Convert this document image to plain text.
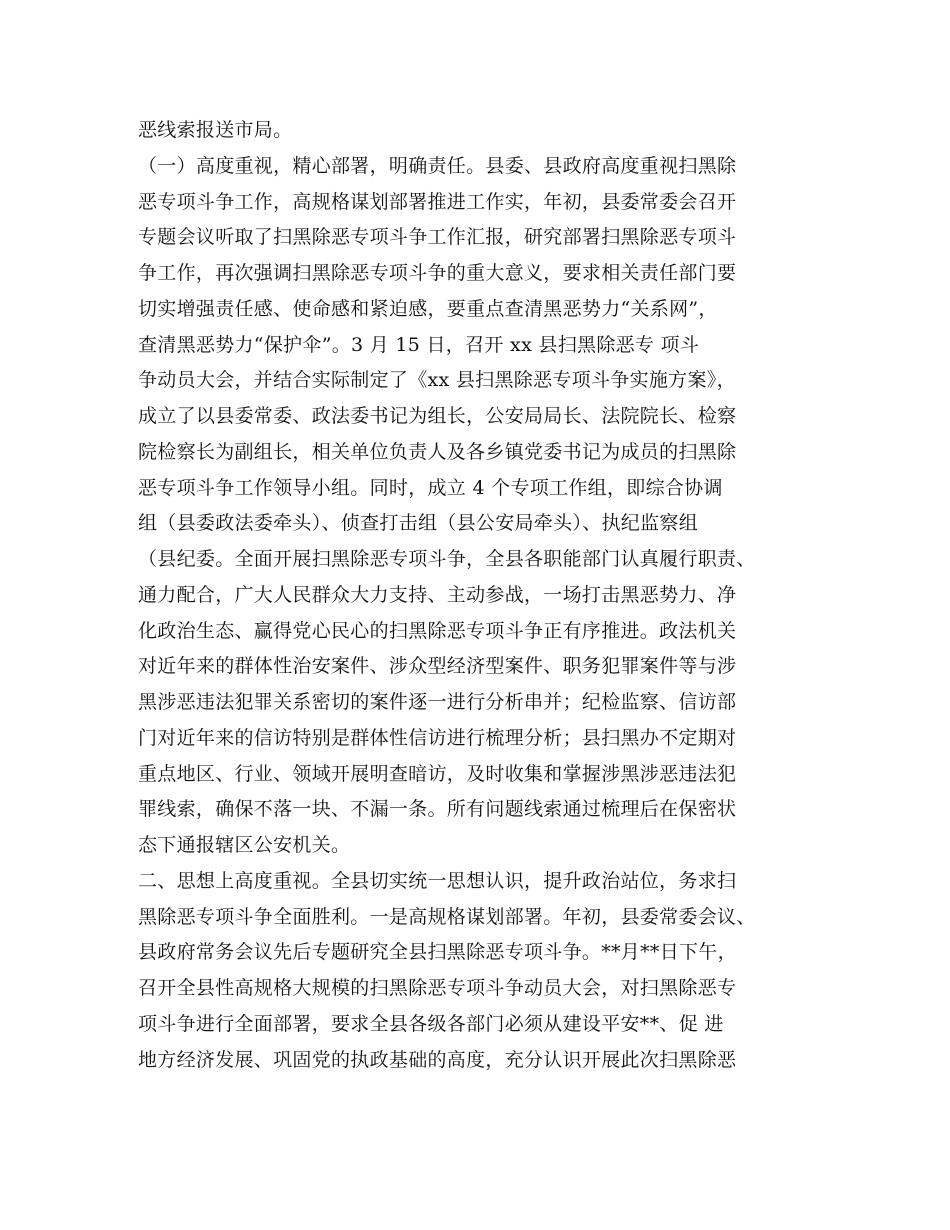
恶线索报送市局。
（一）高度重视，精心部署，明确责任。县委、县政府高度重视扫黑除
恶专项斗争工作，高规格谋划部署推进工作实，年初，县委常委会召开
专题会议听取了扫黑除恶专项斗争工作汇报，研究部署扫黑除恶专项斗
争工作，再次强调扫黑除恶专项斗争的重大意义，要求相关责任部门要
切实增强责任感、使命感和紧迫感，要重点查清黑恶势力“关系网”，
查清黑恶势力“保护伞”。3 月 15 日，召开 xx 县扫黑除恶专 项斗
争动员大会，并结合实际制定了《xx 县扫黑除恶专项斗争实施方案》，
成立了以县委常委、政法委书记为组长，公安局局长、法院院长、检察
院检察长为副组长，相关单位负责人及各乡镇党委书记为成员的扫黑除
恶专项斗争工作领导小组。同时，成立 4 个专项工作组，即综合协调
组（县委政法委牵头）、侦查打击组（县公安局牵头）、执纪监察组
（县纪委。全面开展扫黑除恶专项斗争，全县各职能部门认真履行职责、
通力配合，广大人民群众大力支持、主动参战，一场打击黑恶势力、净
化政治生态、赢得党心民心的扫黑除恶专项斗争正有序推进。政法机关
对近年来的群体性治安案件、涉众型经济型案件、职务犯罪案件等与涉
黑涉恶违法犯罪关系密切的案件逐一进行分析串并；纪检监察、信访部
门对近年来的信访特别是群体性信访进行梳理分析；县扫黑办不定期对
重点地区、行业、领域开展明查暗访，及时收集和掌握涉黑涉恶违法犯
罪线索，确保不落一块、不漏一条。所有问题线索通过梳理后在保密状
态下通报辖区公安机关。
二、思想上高度重视。全县切实统一思想认识，提升政治站位，务求扫
黑除恶专项斗争全面胜利。一是高规格谋划部署。年初，县委常委会议、
县政府常务会议先后专题研究全县扫黑除恶专项斗争。**月**日下午，
召开全县性高规格大规模的扫黑除恶专项斗争动员大会，对扫黑除恶专
项斗争进行全面部署，要求全县各级各部门必须从建设平安**、促 进
地方经济发展、巩固党的执政基础的高度，充分认识开展此次扫黑除恶
